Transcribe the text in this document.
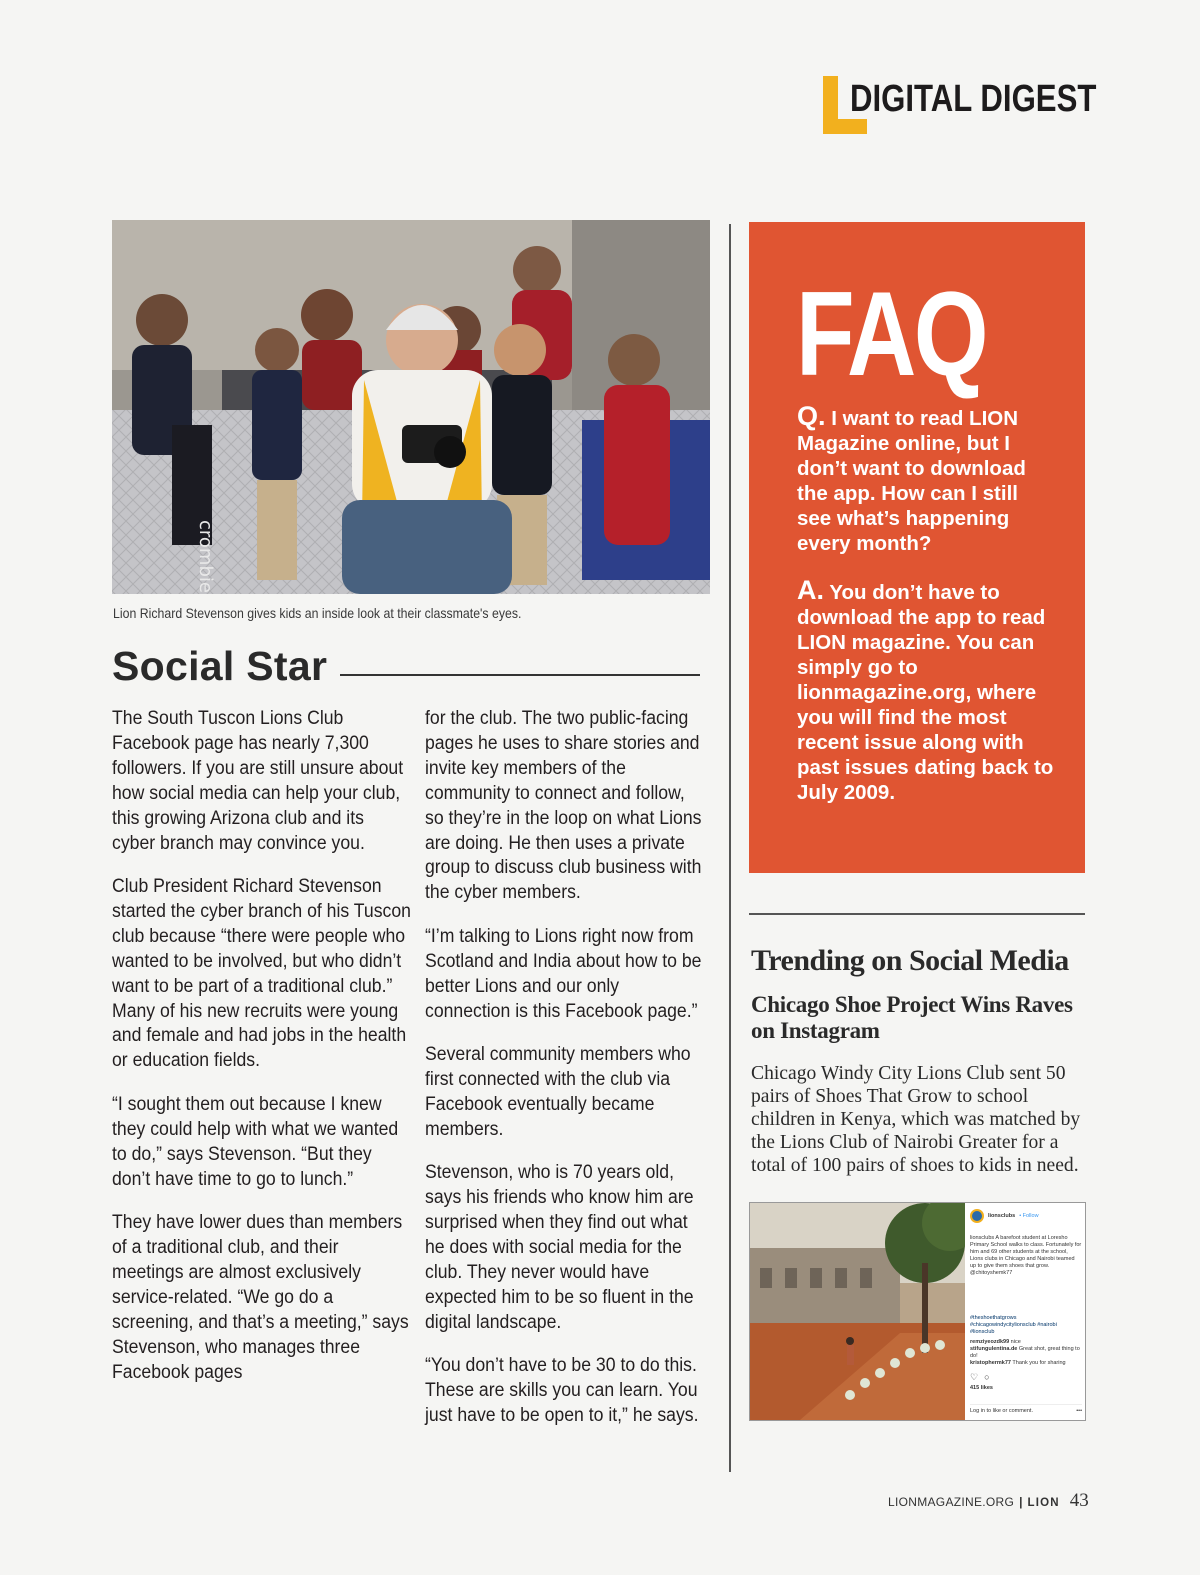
DIGITAL DIGEST
crombie
Lion Richard Stevenson gives kids an inside look at their classmate's eyes.
Social Star

The South Tuscon Lions Club Facebook page has nearly 7,300 followers. If you are still unsure about how social media can help your club, this growing Arizona club and its cyber branch may convince you.

Club President Richard Stevenson started the cyber branch of his Tuscon club because “there were people who wanted to be involved, but who didn’t want to be part of a traditional club.” Many of his new recruits were young and female and had jobs in the health or education fields.

“I sought them out because I knew they could help with what we wanted to do,” says Stevenson. “But they don’t have time to go to lunch.”

They have lower dues than members of a traditional club, and their meetings are almost exclusively service-related. “We go do a screening, and that’s a meeting,” says Stevenson, who manages three Facebook pages

for the club. The two public-facing pages he uses to share stories and invite key members of the community to connect and follow, so they’re in the loop on what Lions are doing. He then uses a private group to discuss club business with the cyber members.

“I’m talking to Lions right now from Scotland and India about how to be better Lions and our only connection is this Facebook page.”

Several community members who first connected with the club via Facebook eventually became members.

Stevenson, who is 70 years old, says his friends who know him are surprised when they find out what he does with social media for the club. They never would have expected him to be so fluent in the digital landscape.

“You don’t have to be 30 to do this. These are skills you can learn. You just have to be open to it,” he says.

FAQ
Q. I want to read LION Magazine online, but I don’t want to download the app. How can I still see what’s happening every month?
A. You don’t have to download the app to read LION magazine. You can simply go to lionmagazine.org, where you will find the most recent issue along with past issues dating back to July 2009.
Trending on Social Media
Chicago Shoe Project Wins Raves on Instagram
Chicago Windy City Lions Club sent 50 pairs of Shoes That Grow to school children in Kenya, which was matched by the Lions Club of Nairobi Greater for a total of 100 pairs of shoes to kids in need.
lionsclubs • Follow
lionsclubs A barefoot student at Loresho Primary School walks to class. Fortunately for him and 69 other students at the school, Lions clubs in Chicago and Nairobi teamed up to give them shoes that grow. @chitoyshemk77
#theshoethatgrows #chicagowindycitylionsclub #nairobi #lionsclub
remziyeozdk99 nice
stifungulentina.de Great shot, great thing to do!
kristophermk77 Thank you for sharing
♡ ○
415 likes
Log in to like or comment.	•••
LIONMAGAZINE.ORG | LION 43
